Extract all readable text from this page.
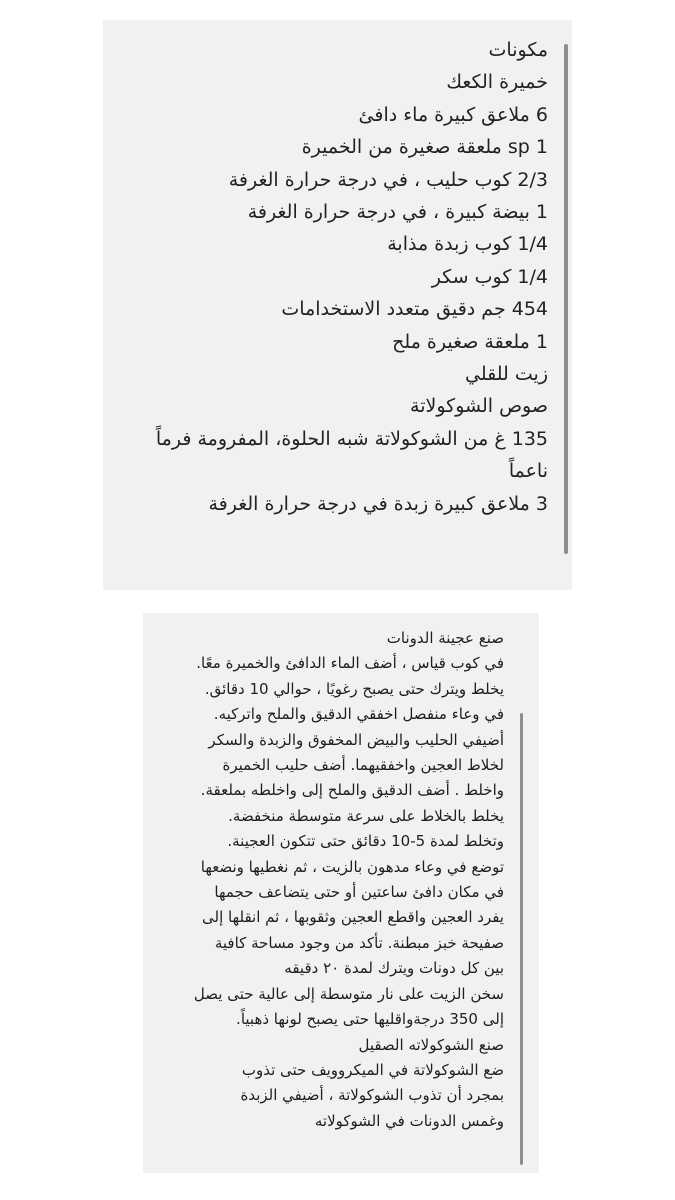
مكونات
خميرة الكعك
6 ملاعق كبيرة ماء دافئ
1 sp ملعقة صغيرة من الخميرة
2/3 كوب حليب ، في درجة حرارة الغرفة
1 بيضة كبيرة ، في درجة حرارة الغرفة
1/4 كوب زبدة مذابة
1/4 كوب سكر
454 جم دقيق متعدد الاستخدامات
1 ملعقة صغيرة ملح
زيت للقلي
صوص الشوكولاتة
135 غ من الشوكولاتة شبه الحلوة، المفرومة فرماً ناعماً
3 ملاعق كبيرة زبدة في درجة حرارة الغرفة
صنع عجينة الدونات
في كوب قياس ، أضف الماء الدافئ والخميرة معًا.
يخلط ويترك حتى يصبح رغويًا ، حوالي 10 دقائق.
في وعاء منفصل اخفقي الدقيق والملح واتركيه.
أضيفي الحليب والبيض المخفوق والزبدة والسكر
لخلاط العجين واخفقيهما. أضف حليب الخميرة
واخلط . أضف الدقيق والملح إلى واخلطه بملعقة.
يخلط بالخلاط على سرعة متوسطة منخفضة.
وتخلط لمدة 5-10 دقائق حتى تتكون العجينة.
توضع في وعاء مدهون بالزيت ، ثم نغطيها ونضعها
في مكان دافئ ساعتين أو حتى يتضاعف حجمها
يفرد العجين واقطع العجين وثقوبها ، ثم انقلها إلى
صفيحة خبز مبطنة. تأكد من وجود مساحة كافية
بين كل دونات ويترك لمدة ٢٠ دقيقه
سخن الزيت على نار متوسطة إلى عالية حتى يصل
إلى 350 درجةواقليها حتى يصبح لونها ذهبياً.
صنع الشوكولاته الصقيل
ضع الشوكولاتة في الميكروويف حتى تذوب
بمجرد أن تذوب الشوكولاتة ، أضيفي الزبدة
وغمس الدونات في الشوكولاته
